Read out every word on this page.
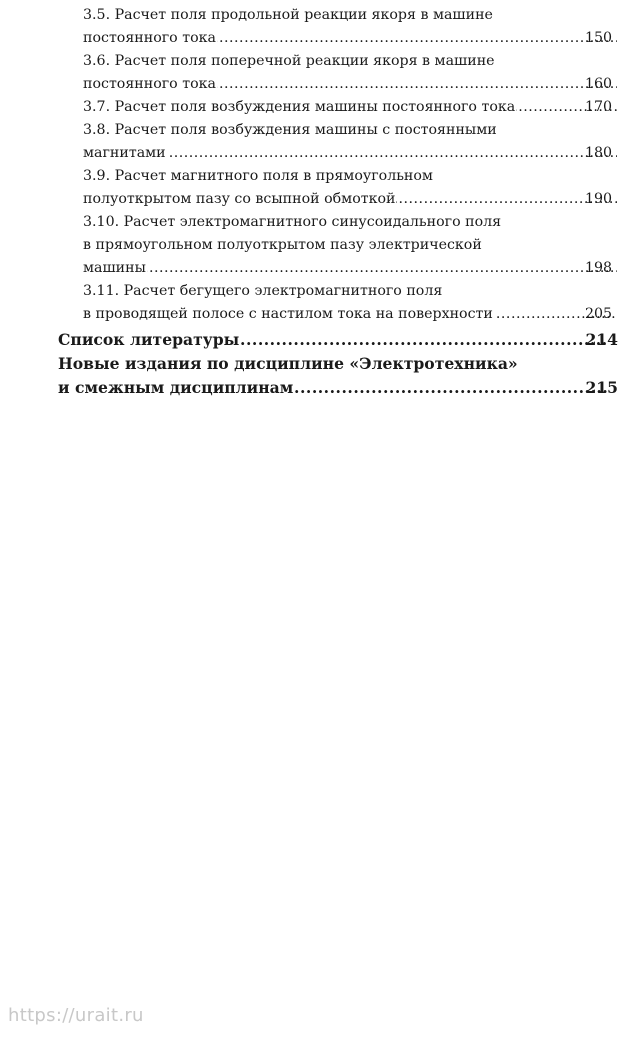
3.5. Расчет поля продольной реакции якоря в машине
постоянного тока .....	150
3.6. Расчет поля поперечной реакции якоря в машине
постоянного тока .....	160
3.7. Расчет поля возбуждения машины постоянного тока .....	170
3.8. Расчет поля возбуждения машины с постоянными
магнитами .....	180
3.9. Расчет магнитного поля в прямоугольном
полуоткрытом пазу со всыпной обмоткой .....	190
3.10. Расчет электромагнитного синусоидального поля
в прямоугольном полуоткрытом пазу электрической
машины .....	198
3.11. Расчет бегущего электромагнитного поля
в проводящей полосе с настилом тока на поверхности .....	205
Список литературы .....	214
Новые издания по дисциплине «Электротехника»
и смежным дисциплинам .....	215
https://urait.ru
